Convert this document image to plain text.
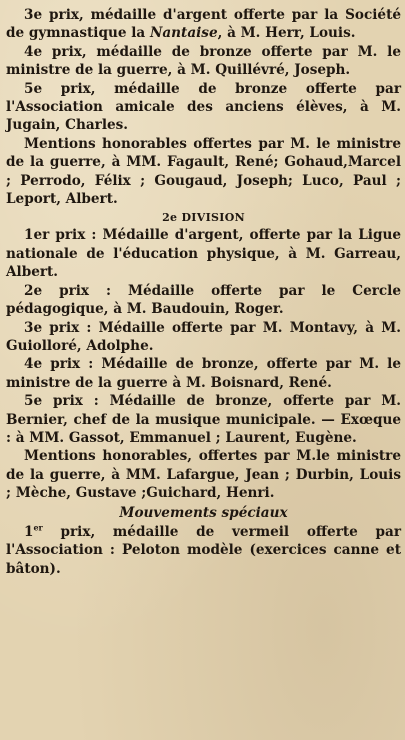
3e prix, médaille d'argent offerte par la Société de gymnastique la Nantaise, à M. Herr, Louis.

4e prix, médaille de bronze offerte par M. le ministre de la guerre, à M. Quillévré, Joseph.

5e prix, médaille de bronze offerte par l'Association amicale des anciens élèves, à M. Jugain, Charles.

Mentions honorables offertes par M. le ministre de la guerre, à MM. Fagault, René; Gohaud,Marcel ; Perrodo, Félix ; Gougaud, Joseph; Luco, Paul ; Leport, Albert.

2e DIVISION

1er prix : Médaille d'argent, offerte par la Ligue nationale de l'éducation physique, à M. Garreau, Albert.

2e prix : Médaille offerte par le Cercle pédagogique, à M. Baudouin, Roger.

3e prix : Médaille offerte par M. Montavy, à M. Guiolloré, Adolphe.

4e prix : Médaille de bronze, offerte par M. le ministre de la guerre à M. Boisnard, René.

5e prix : Médaille de bronze, offerte par M. Bernier, chef de la musique municipale. — Exœque : à MM. Gassot, Emmanuel ; Laurent, Eugène.

Mentions honorables, offertes par M.le ministre de la guerre, à MM. Lafargue, Jean ; Durbin, Louis ; Mèche, Gustave ;Guichard, Henri.

Mouvements spéciaux

1er prix, médaille de vermeil offerte par l'Association : Peloton modèle (exercices canne et bâton).
